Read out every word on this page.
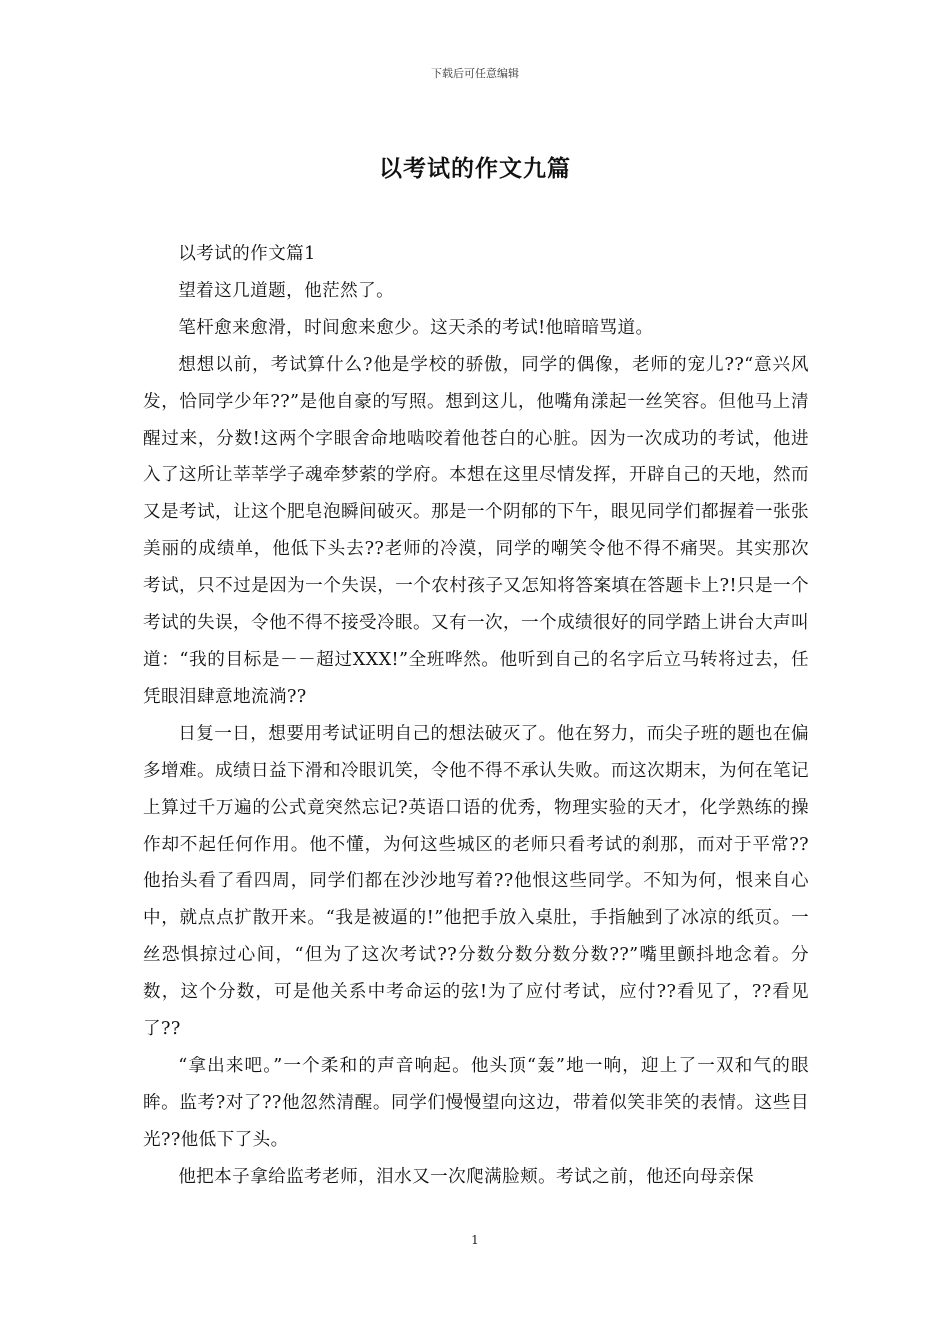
下载后可任意编辑
以考试的作文九篇

以考试的作文篇1

望着这几道题，他茫然了。

笔杆愈来愈滑，时间愈来愈少。这天杀的考试!他暗暗骂道。

想想以前，考试算什么?他是学校的骄傲，同学的偶像，老师的宠儿??“意兴风发，恰同学少年??”是他自豪的写照。想到这儿，他嘴角漾起一丝笑容。但他马上清醒过来，分数!这两个字眼舍命地啮咬着他苍白的心脏。因为一次成功的考试，他进入了这所让莘莘学子魂牵梦萦的学府。本想在这里尽情发挥，开辟自己的天地，然而又是考试，让这个肥皂泡瞬间破灭。那是一个阴郁的下午，眼见同学们都握着一张张美丽的成绩单，他低下头去??老师的冷漠，同学的嘲笑令他不得不痛哭。其实那次考试，只不过是因为一个失误，一个农村孩子又怎知将答案填在答题卡上?!只是一个考试的失误，令他不得不接受冷眼。又有一次，一个成绩很好的同学踏上讲台大声叫道：“我的目标是－－超过XXX!”全班哗然。他听到自己的名字后立马转将过去，任凭眼泪肆意地流淌??

日复一日，想要用考试证明自己的想法破灭了。他在努力，而尖子班的题也在偏多增难。成绩日益下滑和冷眼讥笑，令他不得不承认失败。而这次期末，为何在笔记上算过千万遍的公式竟突然忘记?英语口语的优秀，物理实验的天才，化学熟练的操作却不起任何作用。他不懂，为何这些城区的老师只看考试的刹那，而对于平常??他抬头看了看四周，同学们都在沙沙地写着??他恨这些同学。不知为何，恨来自心中，就点点扩散开来。“我是被逼的!”他把手放入桌肚，手指触到了冰凉的纸页。一丝恐惧掠过心间，“但为了这次考试??分数分数分数分数??”嘴里颤抖地念着。分数，这个分数，可是他关系中考命运的弦!为了应付考试，应付??看见了，??看见了??

“拿出来吧。”一个柔和的声音响起。他头顶“轰”地一响，迎上了一双和气的眼眸。监考?对了??他忽然清醒。同学们慢慢望向这边，带着似笑非笑的表情。这些目光??他低下了头。

他把本子拿给监考老师，泪水又一次爬满脸颊。考试之前，他还向母亲保

1
